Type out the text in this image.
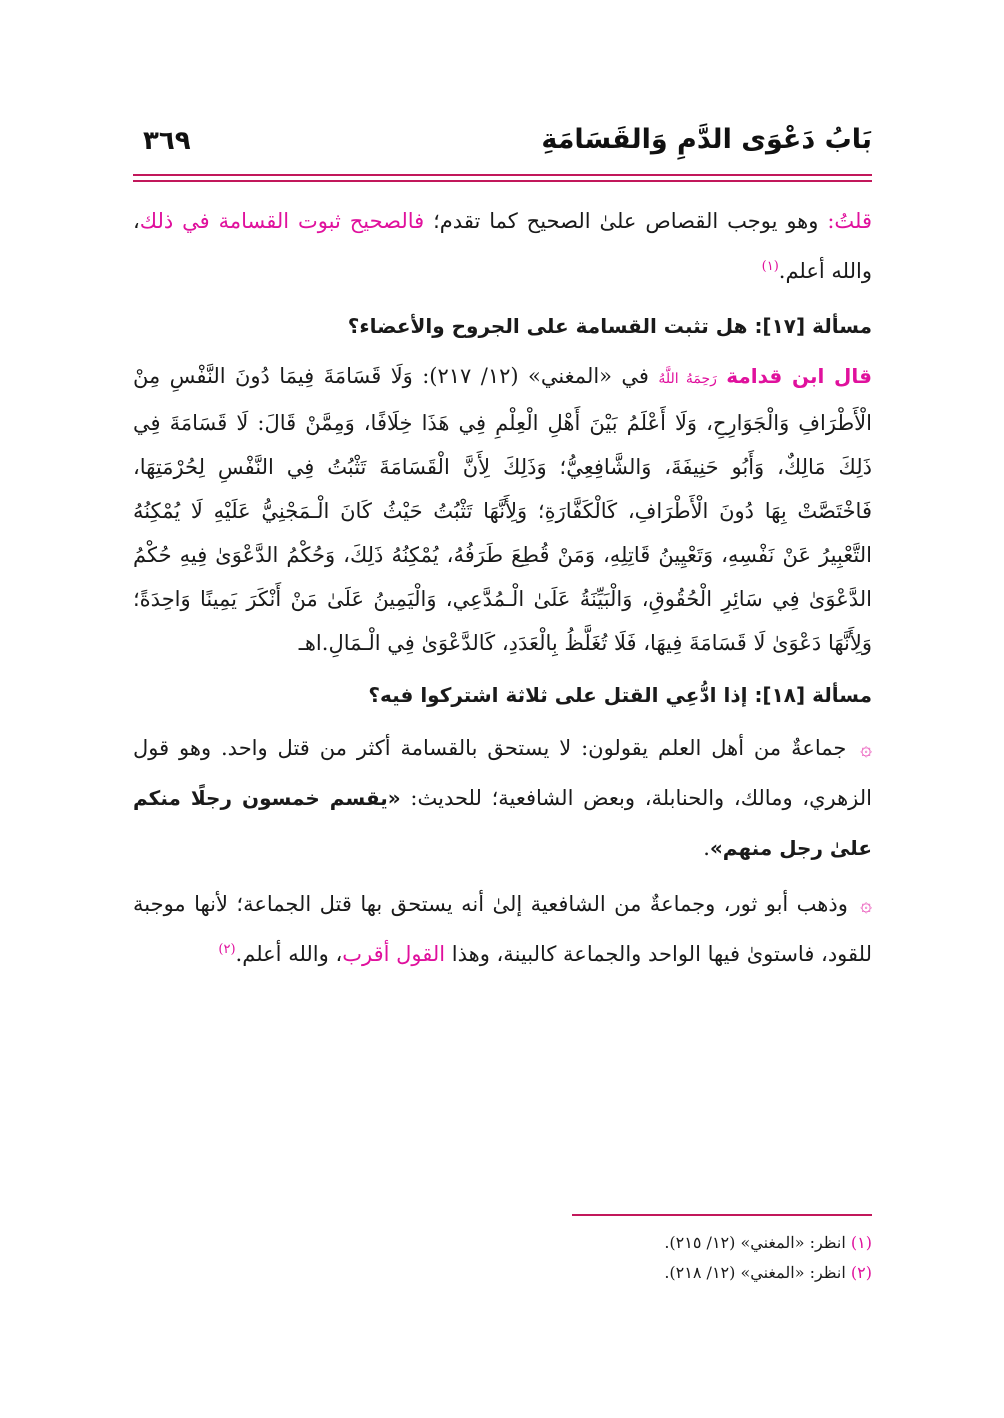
بَابُ دَعْوَى الدَّمِ وَالقَسَامَةِ
٣٦٩

قلتُ: وهو يوجب القصاص علىٰ الصحيح كما تقدم؛ فالصحيح ثبوت القسامة في ذلك، والله أعلم.$^{(١)}$

مسألة [١٧]: هل تثبت القسامة على الجروح والأعضاء؟

قال ابن قدامة رَحِمَهُ اللَّهُ في «المغني» (١٢/ ٢١٧): وَلَا قَسَامَةَ فِيمَا دُونَ النَّفْسِ مِنْ الْأَطْرَافِ وَالْجَوَارِحِ، وَلَا أَعْلَمُ بَيْنَ أَهْلِ الْعِلْمِ فِي هَذَا خِلَافًا، وَمِمَّنْ قَالَ: لَا قَسَامَةَ فِي ذَلِكَ مَالِكٌ، وَأَبُو حَنِيفَةَ، وَالشَّافِعِيُّ؛ وَذَلِكَ لِأَنَّ الْقَسَامَةَ تَثْبُتُ فِي النَّفْسِ لِحُرْمَتِهَا، فَاخْتَصَّتْ بِهَا دُونَ الْأَطْرَافِ، كَالْكَفَّارَةِ؛ وَلِأَنَّهَا تَثْبُتُ حَيْثُ كَانَ الْـمَجْنِيُّ عَلَيْهِ لَا يُمْكِنُهُ التَّعْبِيرُ عَنْ نَفْسِهِ، وَتَعْيِينُ قَاتِلِهِ، وَمَنْ قُطِعَ طَرَفُهُ، يُمْكِنُهُ ذَلِكَ، وَحُكْمُ الدَّعْوَىٰ فِيهِ حُكْمُ الدَّعْوَىٰ فِي سَائِرِ الْحُقُوقِ، وَالْبَيِّنَةُ عَلَىٰ الْـمُدَّعِي، وَالْيَمِينُ عَلَىٰ مَنْ أَنْكَرَ يَمِينًا وَاحِدَةً؛ وَلِأَنَّهَا دَعْوَىٰ لَا قَسَامَةَ فِيهَا، فَلَا تُغَلَّظُ بِالْعَدَدِ، كَالدَّعْوَىٰ فِي الْـمَالِ.اهـ

مسألة [١٨]: إذا ادُّعِي القتل على ثلاثة اشتركوا فيه؟

۞ جماعةٌ من أهل العلم يقولون: لا يستحق بالقسامة أكثر من قتل واحد. وهو قول الزهري، ومالك، والحنابلة، وبعض الشافعية؛ للحديث: «يقسم خمسون رجلًا منكم علىٰ رجل منهم».

۞ وذهب أبو ثور، وجماعةٌ من الشافعية إلىٰ أنه يستحق بها قتل الجماعة؛ لأنها موجبة للقود، فاستوىٰ فيها الواحد والجماعة كالبينة، وهذا القول أقرب، والله أعلم.$^{(٢)}$

(١) انظر: «المغني» (١٢/ ٢١٥).
(٢) انظر: «المغني» (١٢/ ٢١٨).
